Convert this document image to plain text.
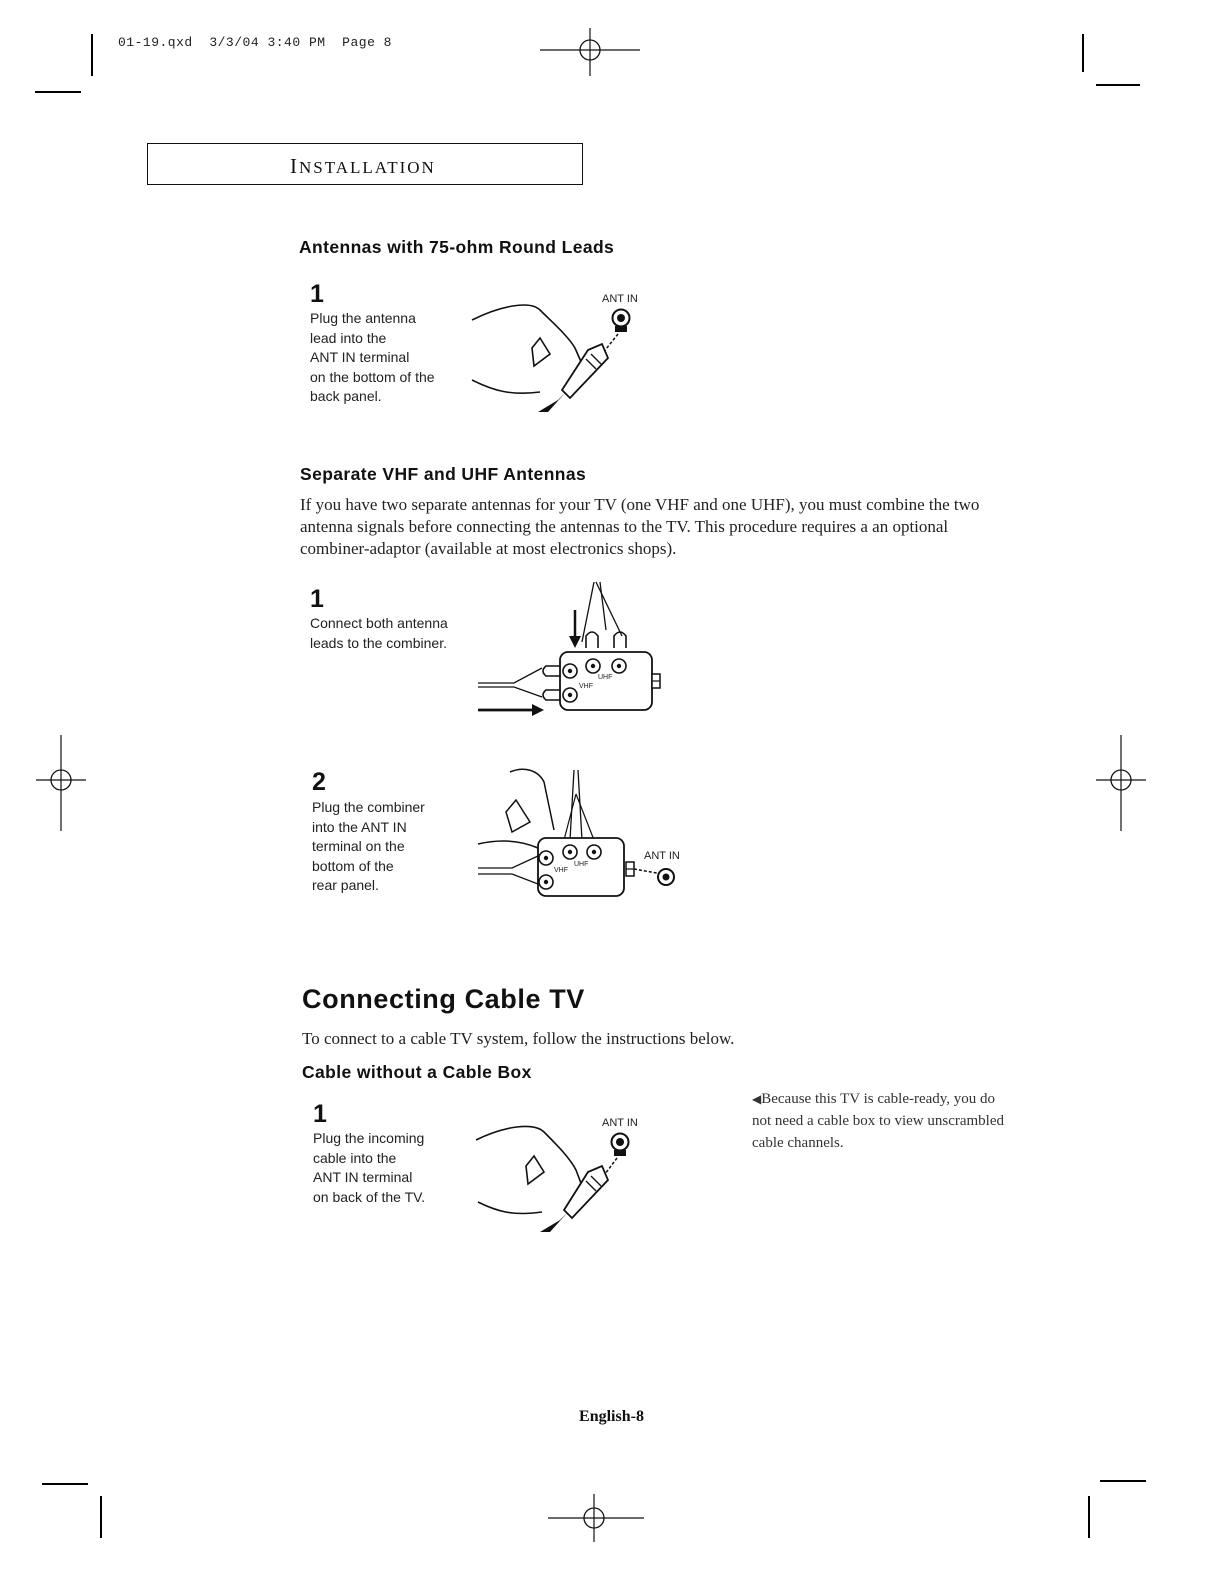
01-19.qxd 3/3/04 3:40 PM Page 8
INSTALLATION
Antennas with 75-ohm Round Leads
1
Plug the antenna
lead into the
ANT IN terminal
on the bottom of the
back panel.
ANT IN
Separate VHF and UHF Antennas
If you have two separate antennas for your TV (one VHF and one UHF), you must combine the two antenna signals before connecting the antennas to the TV. This procedure requires a an optional combiner-adaptor (available at most electronics shops).
1
Connect both antenna
leads to the combiner.
VHF
UHF
2
Plug the combiner
into the ANT IN
terminal on the
bottom of the
rear panel.
VHF
UHF
ANT IN
Connecting Cable TV
To connect to a cable TV system, follow the instructions below.
Cable without a Cable Box
1
Plug the incoming
cable into the
ANT IN terminal
on back of the TV.
ANT IN
◀Because this TV is cable-ready, you do not need a cable box to view unscrambled cable channels.
English-8
